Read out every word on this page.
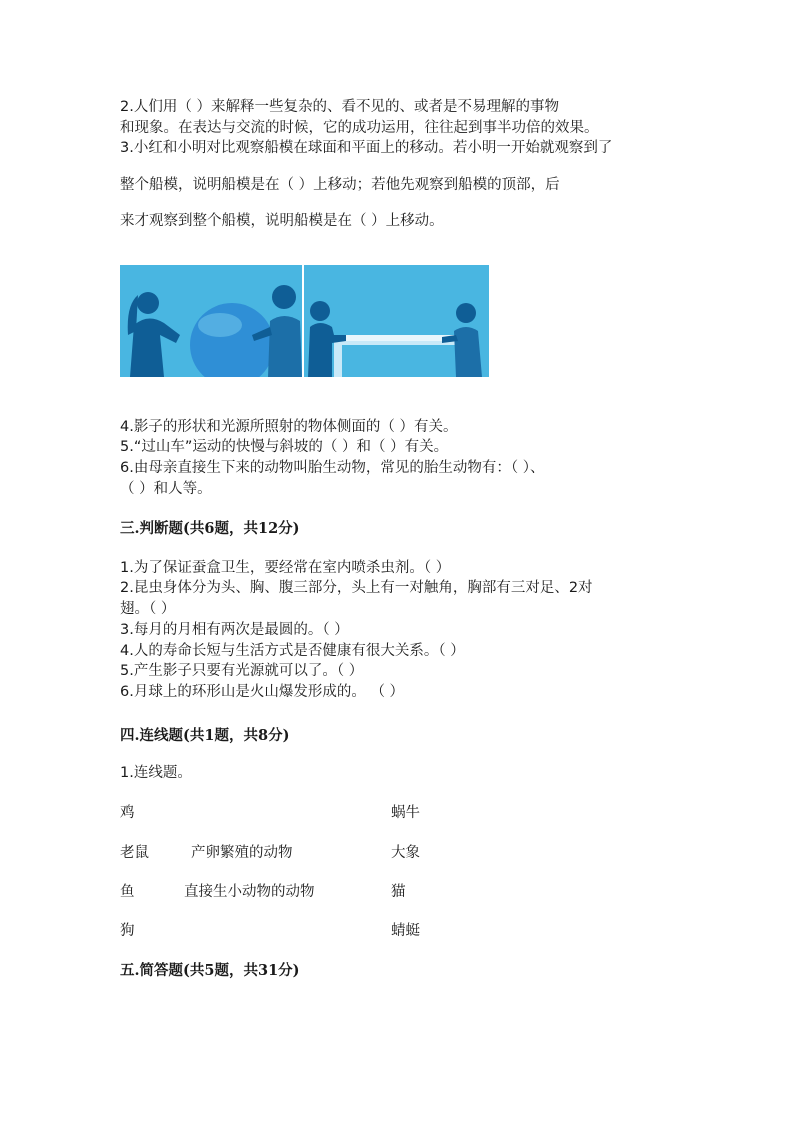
2.人们用（ ）来解释一些复杂的、看不见的、或者是不易理解的事物
和现象。在表达与交流的时候，它的成功运用，往往起到事半功倍的效果。
3.小红和小明对比观察船模在球面和平面上的移动。若小明一开始就观察到了
整个船模，说明船模是在（ ）上移动；若他先观察到船模的顶部，后
来才观察到整个船模，说明船模是在（ ）上移动。
4.影子的形状和光源所照射的物体侧面的（ ）有关。
5.“过山车”运动的快慢与斜坡的（ ）和（ ）有关。
6.由母亲直接生下来的动物叫胎生动物，常见的胎生动物有：（ ）、
（ ）和人等。
三.判断题(共6题，共12分)
1.为了保证蚕盒卫生，要经常在室内喷杀虫剂。（ ）
2.昆虫身体分为头、胸、腹三部分，头上有一对触角，胸部有三对足、2对
翅。（ ）
3.每月的月相有两次是最圆的。（ ）
4.人的寿命长短与生活方式是否健康有很大关系。（ ）
5.产生影子只要有光源就可以了。（ ）
6.月球上的环形山是火山爆发形成的。 （ ）
四.连线题(共1题，共8分)
1.连线题。
鸡
老鼠
鱼
狗
产卵繁殖的动物
直接生小动物的动物
蜗牛
大象
猫
蜻蜓
五.简答题(共5题，共31分)
